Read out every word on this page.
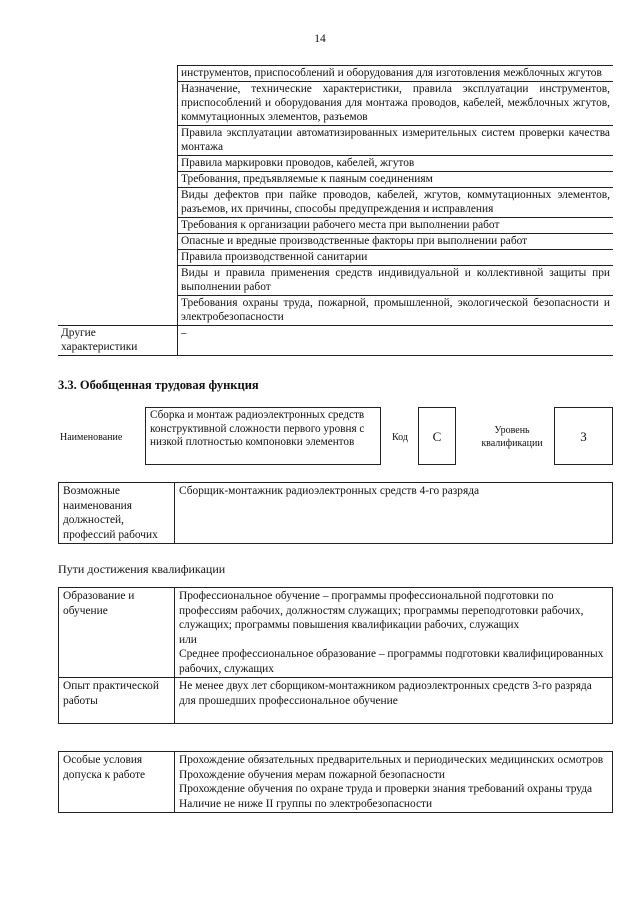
14
	инструментов, приспособлений и оборудования для изготовления межблочных жгутов
	Назначение, технические характеристики, правила эксплуатации инструментов, приспособлений и оборудования для монтажа проводов, кабелей, межблочных жгутов, коммутационных элементов, разъемов
	Правила эксплуатации автоматизированных измерительных систем проверки качества монтажа
	Правила маркировки проводов, кабелей, жгутов
	Требования, предъявляемые к паяным соединениям
	Виды дефектов при пайке проводов, кабелей, жгутов, коммутационных элементов, разъемов, их причины, способы предупреждения и исправления
	Требования к организации рабочего места при выполнении работ
	Опасные и вредные производственные факторы при выполнении работ
	Правила производственной санитарии
	Виды и правила применения средств индивидуальной и коллективной защиты при выполнении работ
	Требования охраны труда, пожарной, промышленной, экологической безопасности и электробезопасности
Другие характеристики	–
3.3. Обобщенная трудовая функция
Наименование
Сборка и монтаж радиоэлектронных средств конструктивной сложности первого уровня с низкой плотностью компоновки элементов	Код	С	Уровень квалификации	3
Возможные наименования должностей, профессий рабочих	Сборщик-монтажник радиоэлектронных средств 4-го разряда
Пути достижения квалификации
Образование и обучение	Профессиональное обучение – программы профессиональной подготовки по профессиям рабочих, должностям служащих; программы переподготовки рабочих, служащих; программы повышения квалификации рабочих, служащих
или
Среднее профессиональное образование – программы подготовки квалифицированных рабочих, служащих

Опыт практической работы	Не менее двух лет сборщиком-монтажником радиоэлектронных средств 3-го разряда для прошедших профессиональное обучение
Особые условия допуска к работе	
Прохождение обязательных предварительных и периодических медицинских осмотров
Прохождение обучения мерам пожарной безопасности
Прохождение обучения по охране труда и проверки знания требований охраны труда
Наличие не ниже II группы по электробезопасности
